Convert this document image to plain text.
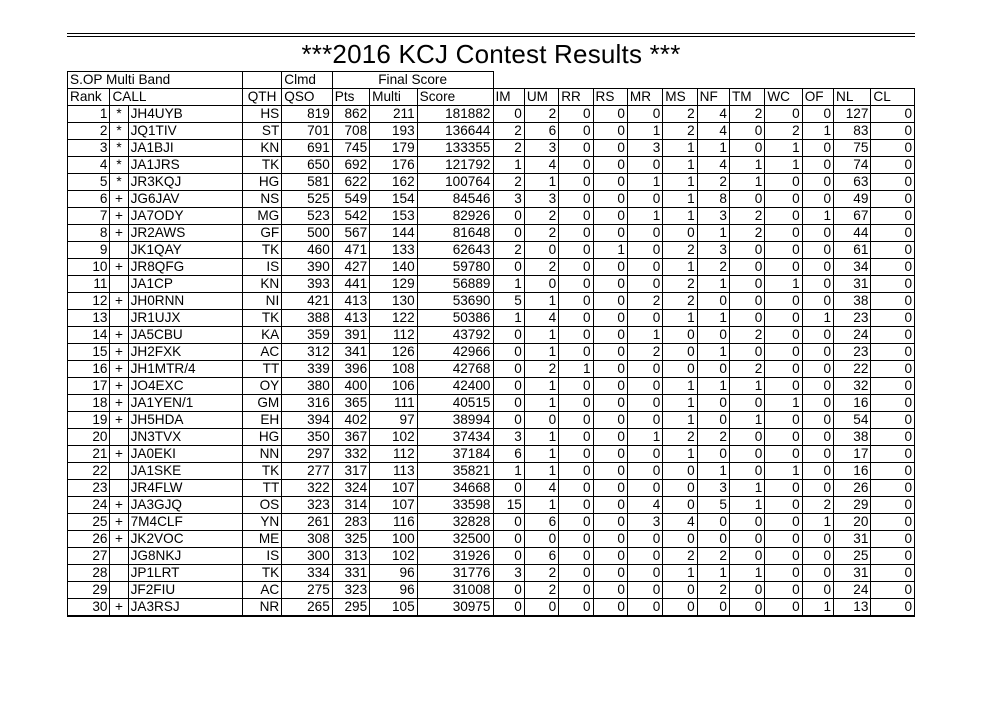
***2016 KCJ Contest Results ***
S.OP Multi Band				Clmd	Final Score														
Rank	CALL		QTH	QSO	Pts	Multi	Score	IM	UM	RR	RS	MR	MS	NF	TM	WC	OF	NL	CL
1	*	JH4UYB	HS	819	862	211	181882	0	2	0	0	0	2	4	2	0	0	127	0
2	*	JQ1TIV	ST	701	708	193	136644	2	6	0	0	1	2	4	0	2	1	83	0
3	*	JA1BJI	KN	691	745	179	133355	2	3	0	0	3	1	1	0	1	0	75	0
4	*	JA1JRS	TK	650	692	176	121792	1	4	0	0	0	1	4	1	1	0	74	0
5	*	JR3KQJ	HG	581	622	162	100764	2	1	0	0	1	1	2	1	0	0	63	0
6	+	JG6JAV	NS	525	549	154	84546	3	3	0	0	0	1	8	0	0	0	49	0
7	+	JA7ODY	MG	523	542	153	82926	0	2	0	0	1	1	3	2	0	1	67	0
8	+	JR2AWS	GF	500	567	144	81648	0	2	0	0	0	0	1	2	0	0	44	0
9		JK1QAY	TK	460	471	133	62643	2	0	0	1	0	2	3	0	0	0	61	0
10	+	JR8QFG	IS	390	427	140	59780	0	2	0	0	0	1	2	0	0	0	34	0
11		JA1CP	KN	393	441	129	56889	1	0	0	0	0	2	1	0	1	0	31	0
12	+	JH0RNN	NI	421	413	130	53690	5	1	0	0	2	2	0	0	0	0	38	0
13		JR1UJX	TK	388	413	122	50386	1	4	0	0	0	1	1	0	0	1	23	0
14	+	JA5CBU	KA	359	391	112	43792	0	1	0	0	1	0	0	2	0	0	24	0
15	+	JH2FXK	AC	312	341	126	42966	0	1	0	0	2	0	1	0	0	0	23	0
16	+	JH1MTR/4	TT	339	396	108	42768	0	2	1	0	0	0	0	2	0	0	22	0
17	+	JO4EXC	OY	380	400	106	42400	0	1	0	0	0	1	1	1	0	0	32	0
18	+	JA1YEN/1	GM	316	365	111	40515	0	1	0	0	0	1	0	0	1	0	16	0
19	+	JH5HDA	EH	394	402	97	38994	0	0	0	0	0	1	0	1	0	0	54	0
20		JN3TVX	HG	350	367	102	37434	3	1	0	0	1	2	2	0	0	0	38	0
21	+	JA0EKI	NN	297	332	112	37184	6	1	0	0	0	1	0	0	0	0	17	0
22		JA1SKE	TK	277	317	113	35821	1	1	0	0	0	0	1	0	1	0	16	0
23		JR4FLW	TT	322	324	107	34668	0	4	0	0	0	0	3	1	0	0	26	0
24	+	JA3GJQ	OS	323	314	107	33598	15	1	0	0	4	0	5	1	0	2	29	0
25	+	7M4CLF	YN	261	283	116	32828	0	6	0	0	3	4	0	0	0	1	20	0
26	+	JK2VOC	ME	308	325	100	32500	0	0	0	0	0	0	0	0	0	0	31	0
27		JG8NKJ	IS	300	313	102	31926	0	6	0	0	0	2	2	0	0	0	25	0
28		JP1LRT	TK	334	331	96	31776	3	2	0	0	0	1	1	1	0	0	31	0
29		JF2FIU	AC	275	323	96	31008	0	2	0	0	0	0	2	0	0	0	24	0
30	+	JA3RSJ	NR	265	295	105	30975	0	0	0	0	0	0	0	0	0	1	13	0
